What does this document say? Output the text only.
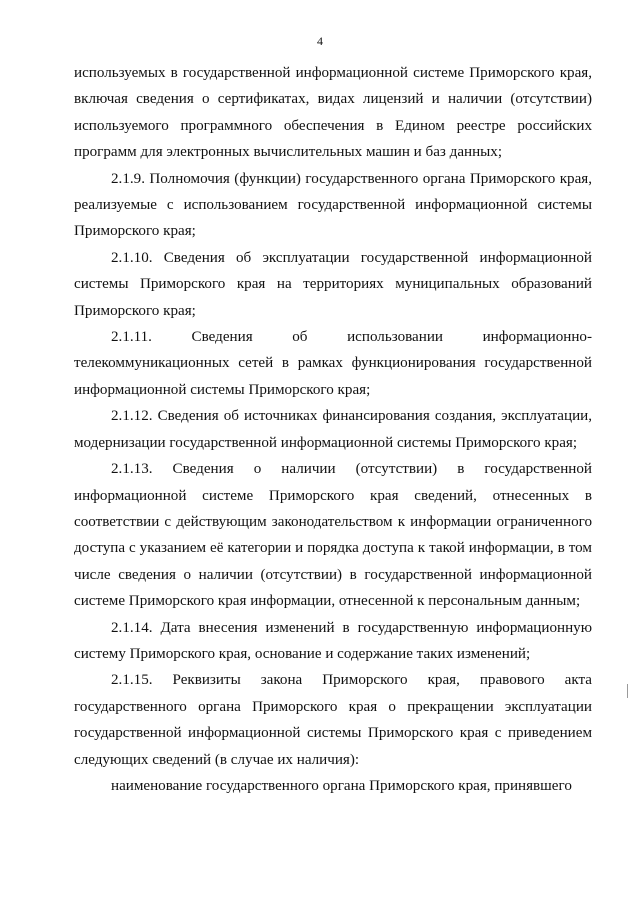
4

используемых в государственной информационной системе Приморского края, включая сведения о сертификатах, видах лицензий и наличии (отсутствии) используемого программного обеспечения в Едином реестре российских программ для электронных вычислительных машин и баз данных;

2.1.9. Полномочия (функции) государственного органа Приморского края, реализуемые с использованием государственной информационной системы Приморского края;

2.1.10. Сведения об эксплуатации государственной информационной системы Приморского края на территориях муниципальных образований Приморского края;

2.1.11. Сведения об использовании информационно-телекоммуникационных сетей в рамках функционирования государственной информационной системы Приморского края;

2.1.12. Сведения об источниках финансирования создания, эксплуатации, модернизации государственной информационной системы Приморского края;

2.1.13. Сведения о наличии (отсутствии) в государственной информационной системе Приморского края сведений, отнесенных в соответствии с действующим законодательством к информации ограниченного доступа с указанием её категории и порядка доступа к такой информации, в том числе сведения о наличии (отсутствии) в государственной информационной системе Приморского края информации, отнесенной к персональным данным;

2.1.14. Дата внесения изменений в государственную информационную систему Приморского края, основание и содержание таких изменений;

2.1.15. Реквизиты закона Приморского края, правового акта государственного органа Приморского края о прекращении эксплуатации государственной информационной системы Приморского края с приведением следующих сведений (в случае их наличия):

наименование государственного органа Приморского края, принявшего
